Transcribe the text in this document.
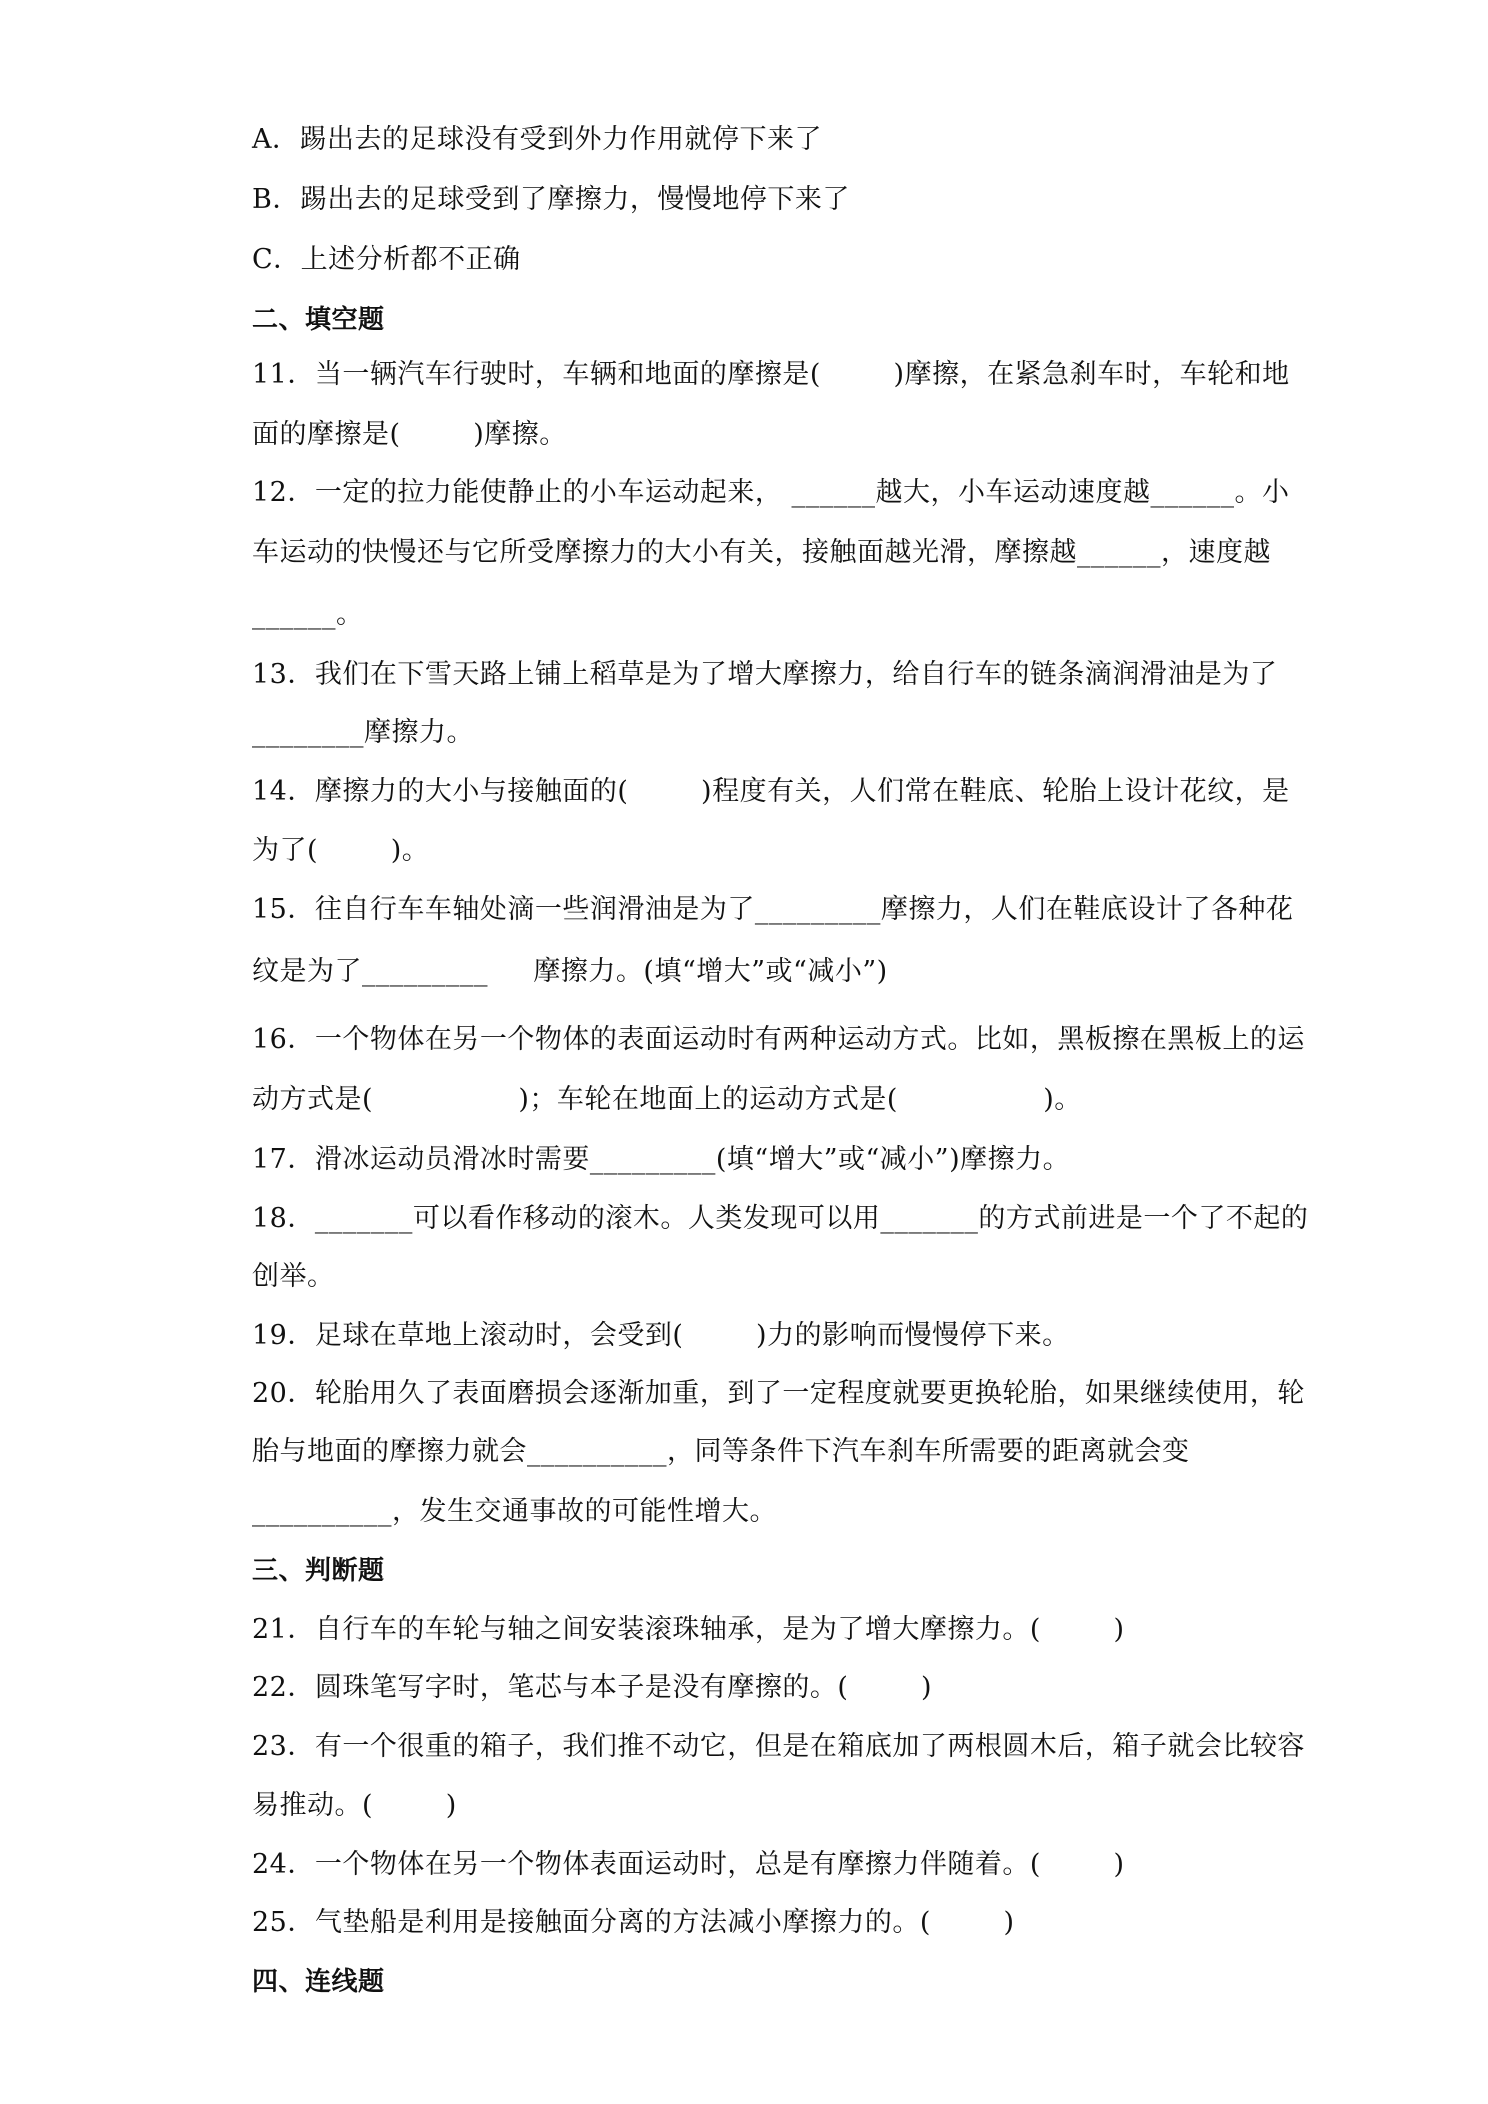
A．踢出去的足球没有受到外力作用就停下来了
B．踢出去的足球受到了摩擦力，慢慢地停下来了
C．上述分析都不正确
二、填空题
11．当一辆汽车行驶时，车辆和地面的摩擦是(        )摩擦，在紧急刹车时，车轮和地
面的摩擦是(        )摩擦。
12．一定的拉力能使静止的小车运动起来， ______越大，小车运动速度越______。小
车运动的快慢还与它所受摩擦力的大小有关，接触面越光滑，摩擦越______，速度越
______。
13．我们在下雪天路上铺上稻草是为了增大摩擦力，给自行车的链条滴润滑油是为了
________摩擦力。
14．摩擦力的大小与接触面的(        )程度有关，人们常在鞋底、轮胎上设计花纹，是
为了(        )。
15．往自行车车轴处滴一些润滑油是为了_________摩擦力，人们在鞋底设计了各种花
纹是为了_________     摩擦力。(填“增大”或“减小”)
16．一个物体在另一个物体的表面运动时有两种运动方式。比如，黑板擦在黑板上的运
动方式是(                )；车轮在地面上的运动方式是(                )。
17．滑冰运动员滑冰时需要_________(填“增大”或“减小”)摩擦力。
18．_______可以看作移动的滚木。人类发现可以用_______的方式前进是一个了不起的
创举。
19．足球在草地上滚动时，会受到(        )力的影响而慢慢停下来。
20．轮胎用久了表面磨损会逐渐加重，到了一定程度就要更换轮胎，如果继续使用，轮
胎与地面的摩擦力就会__________，同等条件下汽车刹车所需要的距离就会变
__________，发生交通事故的可能性增大。
三、判断题
21．自行车的车轮与轴之间安装滚珠轴承，是为了增大摩擦力。(        )
22．圆珠笔写字时，笔芯与本子是没有摩擦的。(        )
23．有一个很重的箱子，我们推不动它，但是在箱底加了两根圆木后，箱子就会比较容
易推动。(        )
24．一个物体在另一个物体表面运动时，总是有摩擦力伴随着。(        )
25．气垫船是利用是接触面分离的方法减小摩擦力的。(        )
四、连线题
